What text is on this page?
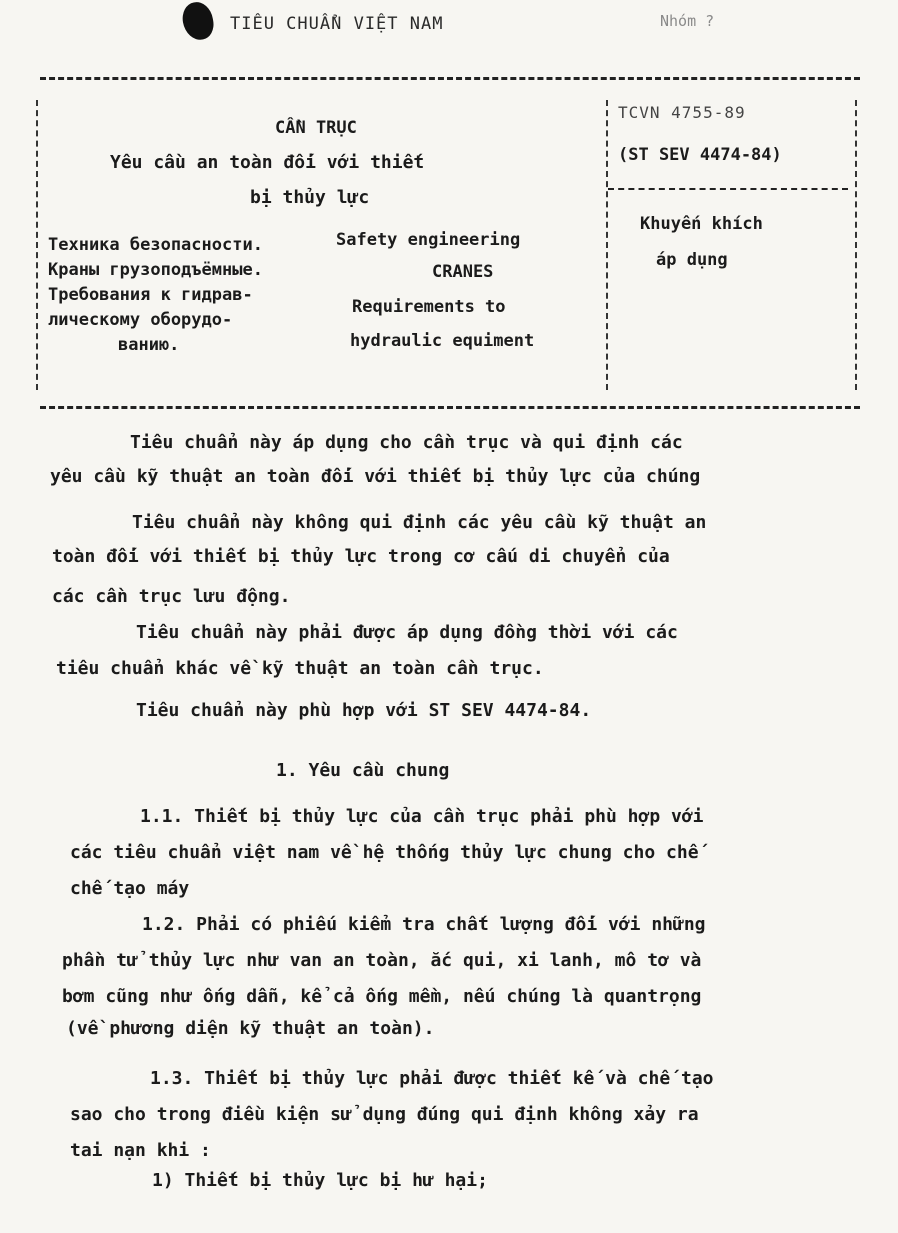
TIÊU CHUẨN VIỆT NAM	Nhóm ?
CẦN TRỤC
Yêu cầu an toàn đối với thiết
bị thủy lực
Техника безопасности.
Краны грузоподъёмные.
Требования к гидрав-
лическому оборудо-
ванию.
Safety engineering
CRANES
Requirements to
hydraulic equiment
TCVN 4755-89
(ST SEV 4474-84)
Khuyến khích
áp dụng
Tiêu chuẩn này áp dụng cho cần trục và qui định các
yêu cầu kỹ thuật an toàn đối với thiết bị thủy lực của chúng
Tiêu chuẩn này không qui định các yêu cầu kỹ thuật an
toàn đối với thiết bị thủy lực trong cơ cấu di chuyển của
các cần trục lưu động.
Tiêu chuẩn này phải được áp dụng đồng thời với các
tiêu chuẩn khác về kỹ thuật an toàn cần trục.
Tiêu chuẩn này phù hợp với ST SEV 4474-84.
1. Yêu cầu chung
1.1. Thiết bị thủy lực của cần trục phải phù hợp với
các tiêu chuẩn việt nam về hệ thống thủy lực chung cho chế
chế tạo máy
1.2. Phải có phiếu kiểm tra chất lượng đối với những
phần tử thủy lực như van an toàn, ắc qui, xi lanh, mô tơ và
bơm cũng như ống dẫn, kể cả ống mềm, nếu chúng là quantrọng
(về phương diện kỹ thuật an toàn).
1.3. Thiết bị thủy lực phải được thiết kế và chế tạo
sao cho trong điều kiện sử dụng đúng qui định không xảy ra
tai nạn khi :
1) Thiết bị thủy lực bị hư hại;
